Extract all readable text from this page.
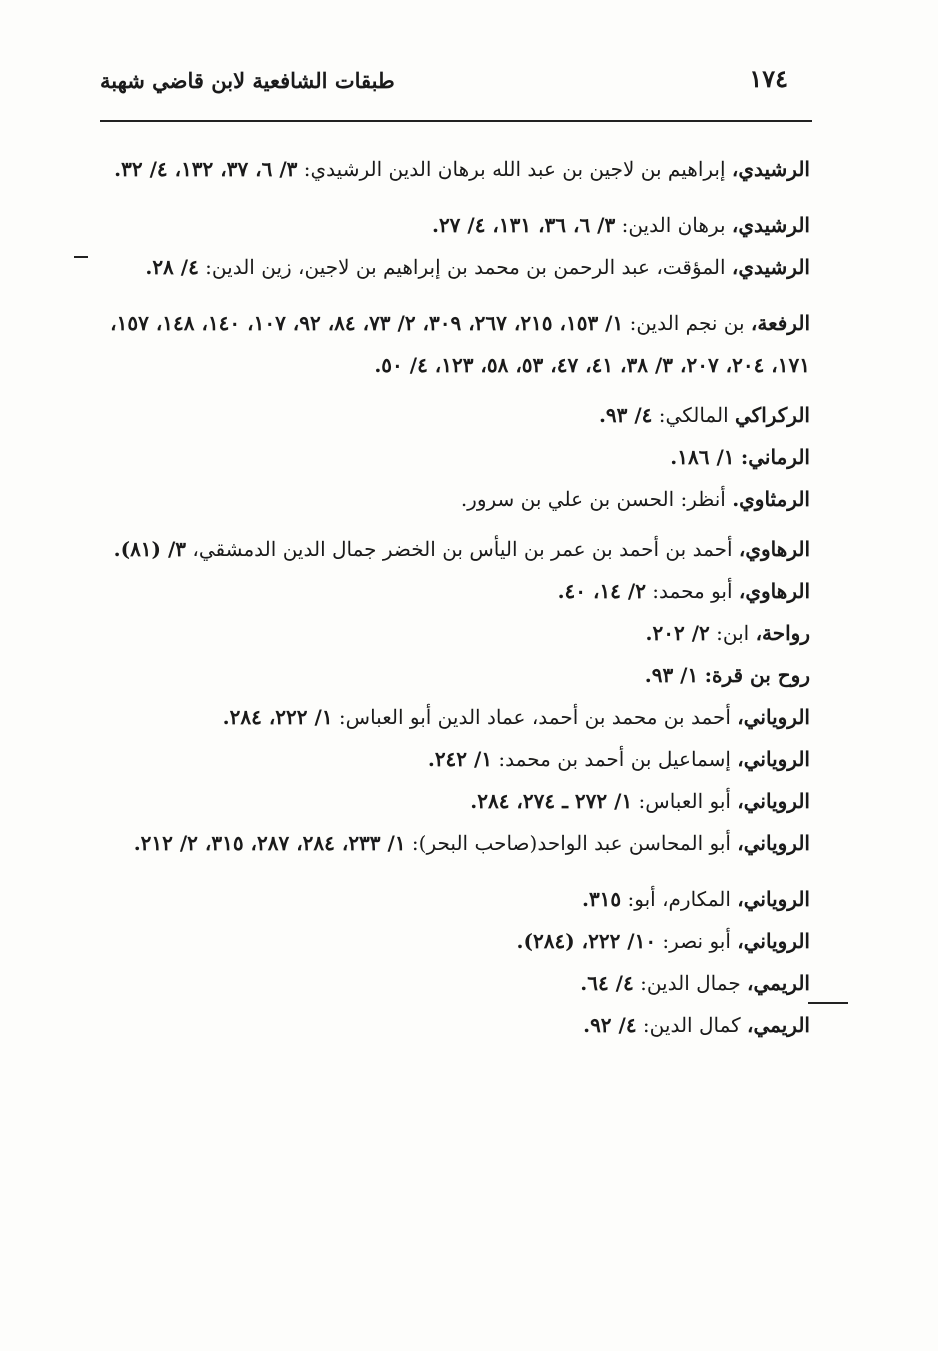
١٧٤
طبقات الشافعية لابن قاضي شهبة

الرشيدي، إبراهيم بن لاجين بن عبد الله برهان الدين الرشيدي: ٣/ ٦، ٣٧، ١٣٢، ٤/ ٣٢.

الرشيدي، برهان الدين: ٣/ ٦، ٣٦، ١٣١، ٤/ ٢٧.

الرشيدي، المؤقت، عبد الرحمن بن محمد بن إبراهيم بن لاجين، زين الدين: ٤/ ٢٨.

الرفعة، بن نجم الدين: ١/ ١٥٣، ٢١٥، ٢٦٧، ٣٠٩، ٢/ ٧٣، ٨٤، ٩٢، ١٠٧، ١٤٠، ١٤٨، ١٥٧، ١٧١، ٢٠٤، ٢٠٧، ٣/ ٣٨، ٤١، ٤٧، ٥٣، ٥٨، ١٢٣، ٤/ ٥٠.

الركراكي المالكي: ٤/ ٩٣.

الرماني: ١/ ١٨٦.

الرمثاوي. أنظر: الحسن بن علي بن سرور.

الرهاوي، أحمد بن أحمد بن عمر بن اليأس بن الخضر جمال الدين الدمشقي، ٣/ (٨١).

الرهاوي، أبو محمد: ٢/ ١٤، ٤٠.

رواحة، ابن: ٢/ ٢٠٢.

روح بن قرة: ١/ ٩٣.

الروياني، أحمد بن محمد بن أحمد، عماد الدين أبو العباس: ١/ ٢٢٢، ٢٨٤.

الروياني، إسماعيل بن أحمد بن محمد: ١/ ٢٤٢.

الروياني، أبو العباس: ١/ ٢٧٢ ـ ٢٧٤، ٢٨٤.

الروياني، أبو المحاسن عبد الواحد(صاحب البحر): ١/ ٢٣٣، ٢٨٤، ٢٨٧، ٣١٥، ٢/ ٢١٢.

الروياني، المكارم، أبو: ٣١٥.

الروياني، أبو نصر: ١٠/ ٢٢٢، (٢٨٤).

الريمي، جمال الدين: ٤/ ٦٤.

الريمي، كمال الدين: ٤/ ٩٢.
